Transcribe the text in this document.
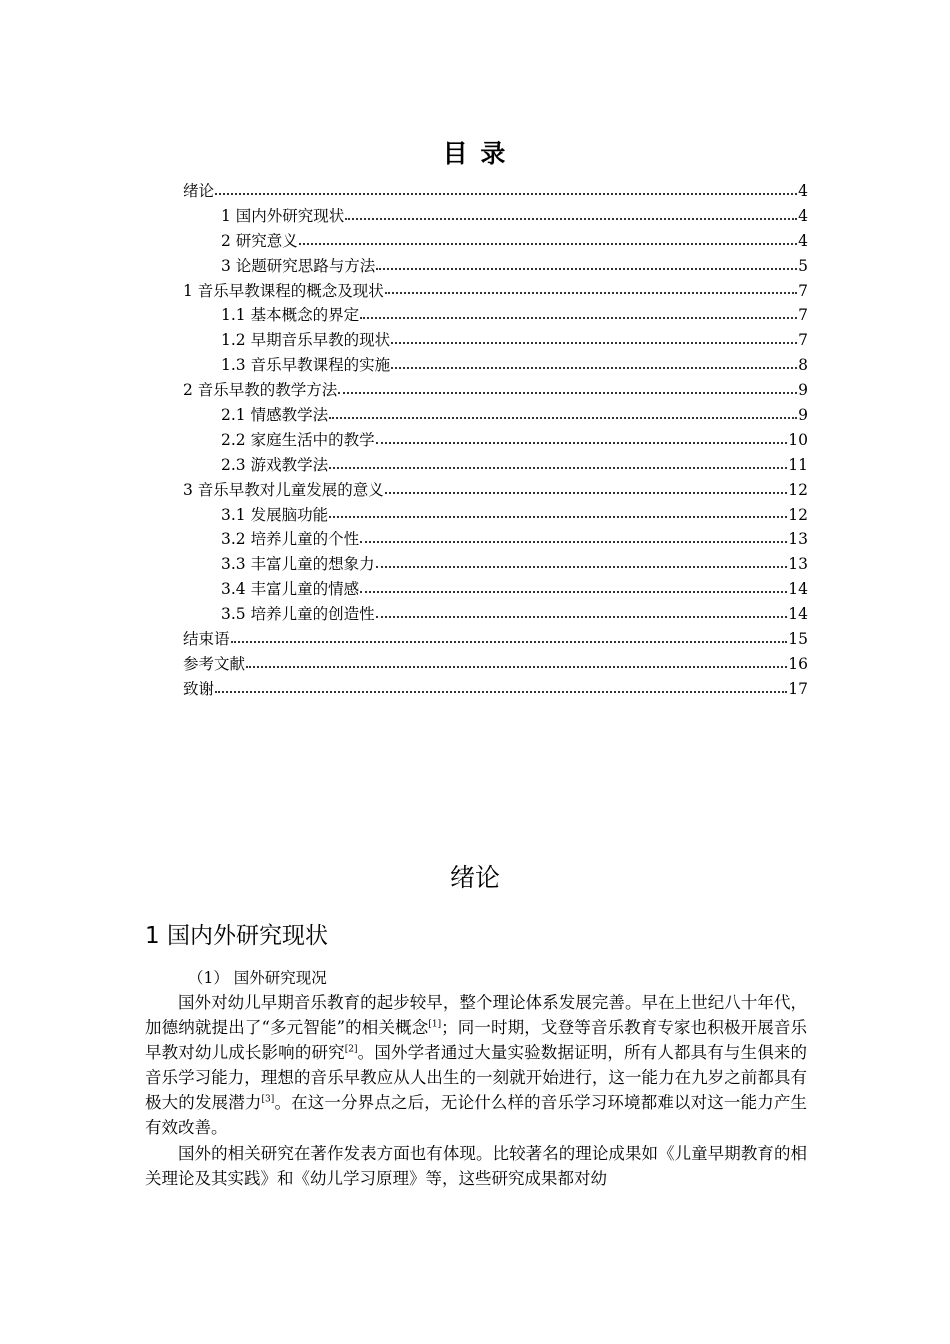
目 录
绪论	4
1 国内外研究现状	4
2 研究意义	4
3 论题研究思路与方法	5
1 音乐早教课程的概念及现状	7
1.1 基本概念的界定	7
1.2 早期音乐早教的现状	7
1.3 音乐早教课程的实施	8
2 音乐早教的教学方法	9
2.1 情感教学法	9
2.2 家庭生活中的教学	10
2.3 游戏教学法	11
3 音乐早教对儿童发展的意义	12
3.1 发展脑功能	12
3.2 培养儿童的个性	13
3.3 丰富儿童的想象力	13
3.4 丰富儿童的情感	14
3.5 培养儿童的创造性	14
结束语	15
参考文献	16
致谢	17
绪论
1 国内外研究现状
（1） 国外研究现况

国外对幼儿早期音乐教育的起步较早，整个理论体系发展完善。早在上世纪八十年代，加德纳就提出了“多元智能”的相关概念[1]；同一时期，戈登等音乐教育专家也积极开展音乐早教对幼儿成长影响的研究[2]。国外学者通过大量实验数据证明，所有人都具有与生俱来的音乐学习能力，理想的音乐早教应从人出生的一刻就开始进行，这一能力在九岁之前都具有极大的发展潜力[3]。在这一分界点之后，无论什么样的音乐学习环境都难以对这一能力产生有效改善。

国外的相关研究在著作发表方面也有体现。比较著名的理论成果如《儿童早期教育的相关理论及其实践》和《幼儿学习原理》等，这些研究成果都对幼
